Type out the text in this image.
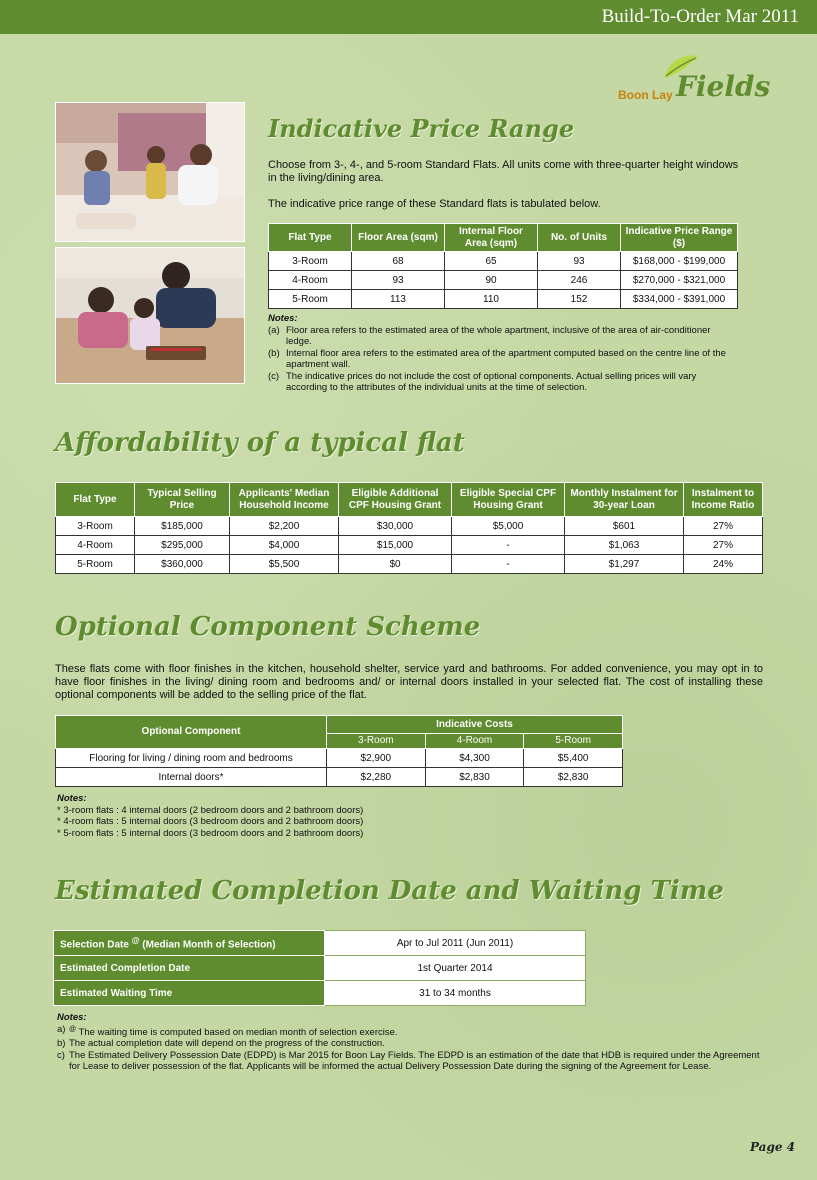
Build-To-Order Mar 2011
Boon Lay Fields
Indicative Price Range
Choose from 3-, 4-, and 5-room Standard Flats. All units come with three-quarter height windows in the living/dining area.
The indicative price range of these Standard flats is tabulated below.
Flat Type	Floor Area (sqm)	Internal Floor Area (sqm)	No. of Units	Indicative Price Range ($)
3-Room	68	65	93	$168,000 - $199,000
4-Room	93	90	246	$270,000 - $321,000
5-Room	113	110	152	$334,000 - $391,000
Notes:
(a) Floor area refers to the estimated area of the whole apartment, inclusive of the area of air-conditioner ledge.
(b) Internal floor area refers to the estimated area of the apartment computed based on the centre line of the apartment wall.
(c) The indicative prices do not include the cost of optional components. Actual selling prices will vary according to the attributes of the individual units at the time of selection.
Affordability of a typical flat
Flat Type	Typical Selling Price	Applicants' Median Household Income	Eligible Additional CPF Housing Grant	Eligible Special CPF Housing Grant	Monthly Instalment for 30-year Loan	Instalment to Income Ratio
3-Room	$185,000	$2,200	$30,000	$5,000	$601	27%
4-Room	$295,000	$4,000	$15,000	-	$1,063	27%
5-Room	$360,000	$5,500	$0	-	$1,297	24%
Optional Component Scheme
These flats come with floor finishes in the kitchen, household shelter, service yard and bathrooms. For added convenience, you may opt in to have floor finishes in the living/ dining room and bedrooms and/ or internal doors installed in your selected flat. The cost of installing these optional components will be added to the selling price of the flat.
Optional Component	Indicative Costs		
	3-Room	4-Room	5-Room
Flooring for living / dining room and bedrooms	$2,900	$4,300	$5,400
Internal doors*	$2,280	$2,830	$2,830
Notes:
* 3-room flats : 4 internal doors (2 bedroom doors and 2 bathroom doors)
* 4-room flats : 5 internal doors (3 bedroom doors and 2 bathroom doors)
* 5-room flats : 5 internal doors (3 bedroom doors and 2 bathroom doors)
Estimated Completion Date and Waiting Time
Selection Date @ (Median Month of Selection)	Apr to Jul 2011 (Jun 2011)
Estimated Completion Date	1st Quarter 2014
Estimated Waiting Time	31 to 34 months
Notes:
a) @ The waiting time is computed based on median month of selection exercise.
b) The actual completion date will depend on the progress of the construction.
c) The Estimated Delivery Possession Date (EDPD) is Mar 2015 for Boon Lay Fields. The EDPD is an estimation of the date that HDB is required under the Agreement for Lease to deliver possession of the flat. Applicants will be informed the actual Delivery Possession Date during the signing of the Agreement for Lease.
Page 4
